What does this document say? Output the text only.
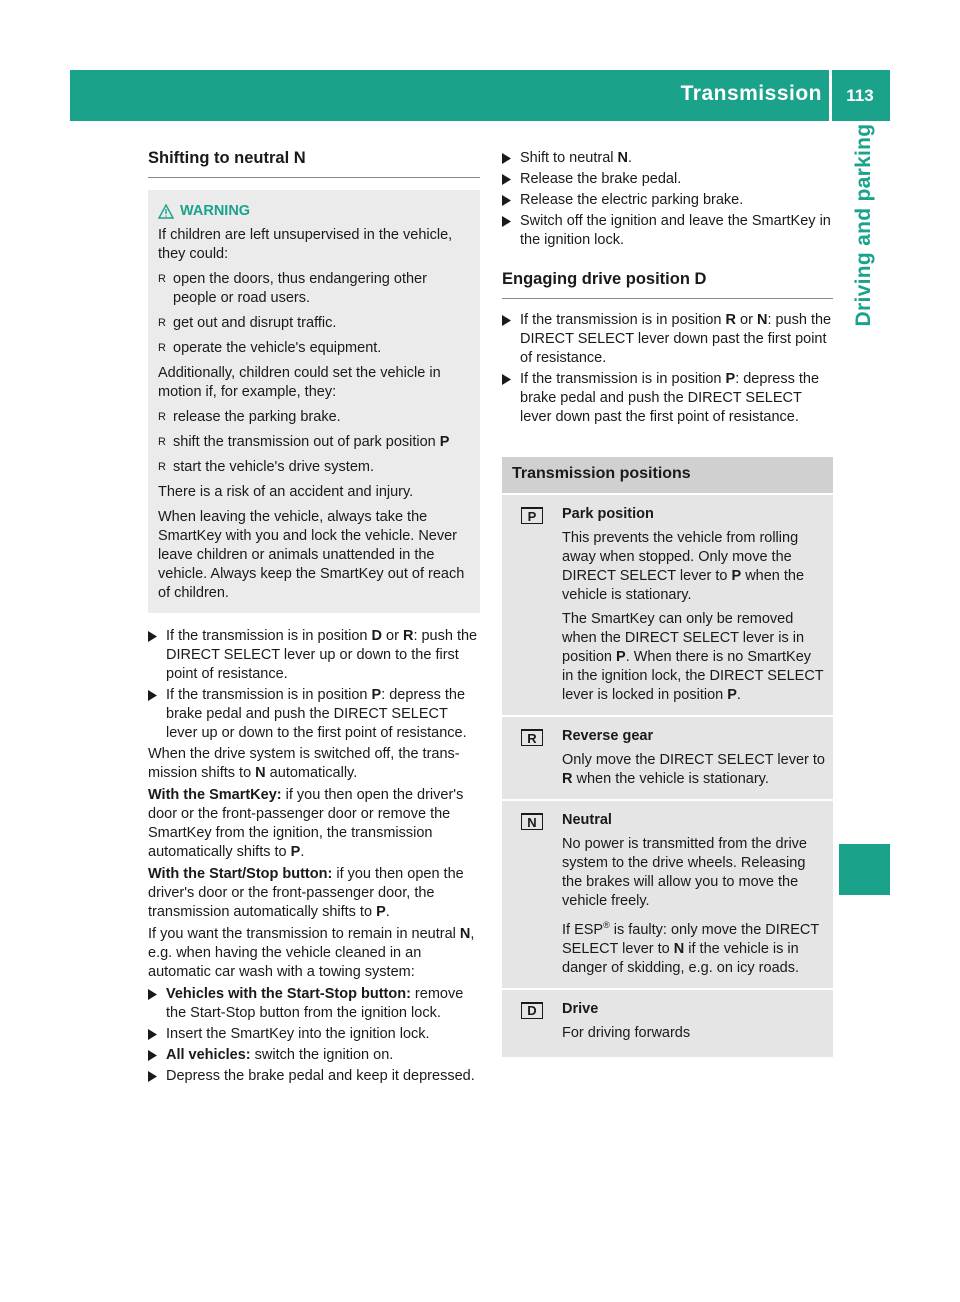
Transmission	113
Driving and parking
Shifting to neutral N
WARNING

If children are left unsupervised in the vehicle, they could:

R open the doors, thus endangering other people or road users.
R get out and disrupt traffic.
R operate the vehicle's equipment.

Additionally, children could set the vehicle in motion if, for example, they:

R release the parking brake.
R shift the transmission out of park position P
R start the vehicle's drive system.

There is a risk of an accident and injury.

When leaving the vehicle, always take the SmartKey with you and lock the vehicle. Never leave children or animals unattended in the vehicle. Always keep the SmartKey out of reach of children.

If the transmission is in position D or R: push the DIRECT SELECT lever up or down to the first point of resistance.
If the transmission is in position P: depress the brake pedal and push the DIRECT SELECT lever up or down to the first point of resistance.

When the drive system is switched off, the transmission shifts to N automatically.

With the SmartKey: if you then open the driver's door or the front-passenger door or remove the SmartKey from the ignition, the transmission automatically shifts to P.

With the Start/Stop button: if you then open the driver's door or the front-passenger door, the transmission automatically shifts to P.

If you want the transmission to remain in neutral N, e.g. when having the vehicle cleaned in an automatic car wash with a towing system:

Vehicles with the Start-Stop button: remove the Start-Stop button from the ignition lock.
Insert the SmartKey into the ignition lock.
All vehicles: switch the ignition on.
Depress the brake pedal and keep it depressed.
Shift to neutral N.
Release the brake pedal.
Release the electric parking brake.
Switch off the ignition and leave the SmartKey in the ignition lock.
Engaging drive position D
If the transmission is in position R or N: push the DIRECT SELECT lever down past the first point of resistance.
If the transmission is in position P: depress the brake pedal and push the DIRECT SELECT lever down past the first point of resistance.
Transmission positions
P	Park position

This prevents the vehicle from rolling away when stopped. Only move the DIRECT SELECT lever to P when the vehicle is stationary.

The SmartKey can only be removed when the DIRECT SELECT lever is in position P. When there is no SmartKey in the ignition lock, the DIRECT SELECT lever is locked in position P.

R	Reverse gear

Only move the DIRECT SELECT lever to R when the vehicle is stationary.

N	Neutral

No power is transmitted from the drive system to the drive wheels. Releasing the brakes will allow you to move the vehicle freely.

If ESP® is faulty: only move the DIRECT SELECT lever to N if the vehicle is in danger of skidding, e.g. on icy roads.

D	Drive

For driving forwards
